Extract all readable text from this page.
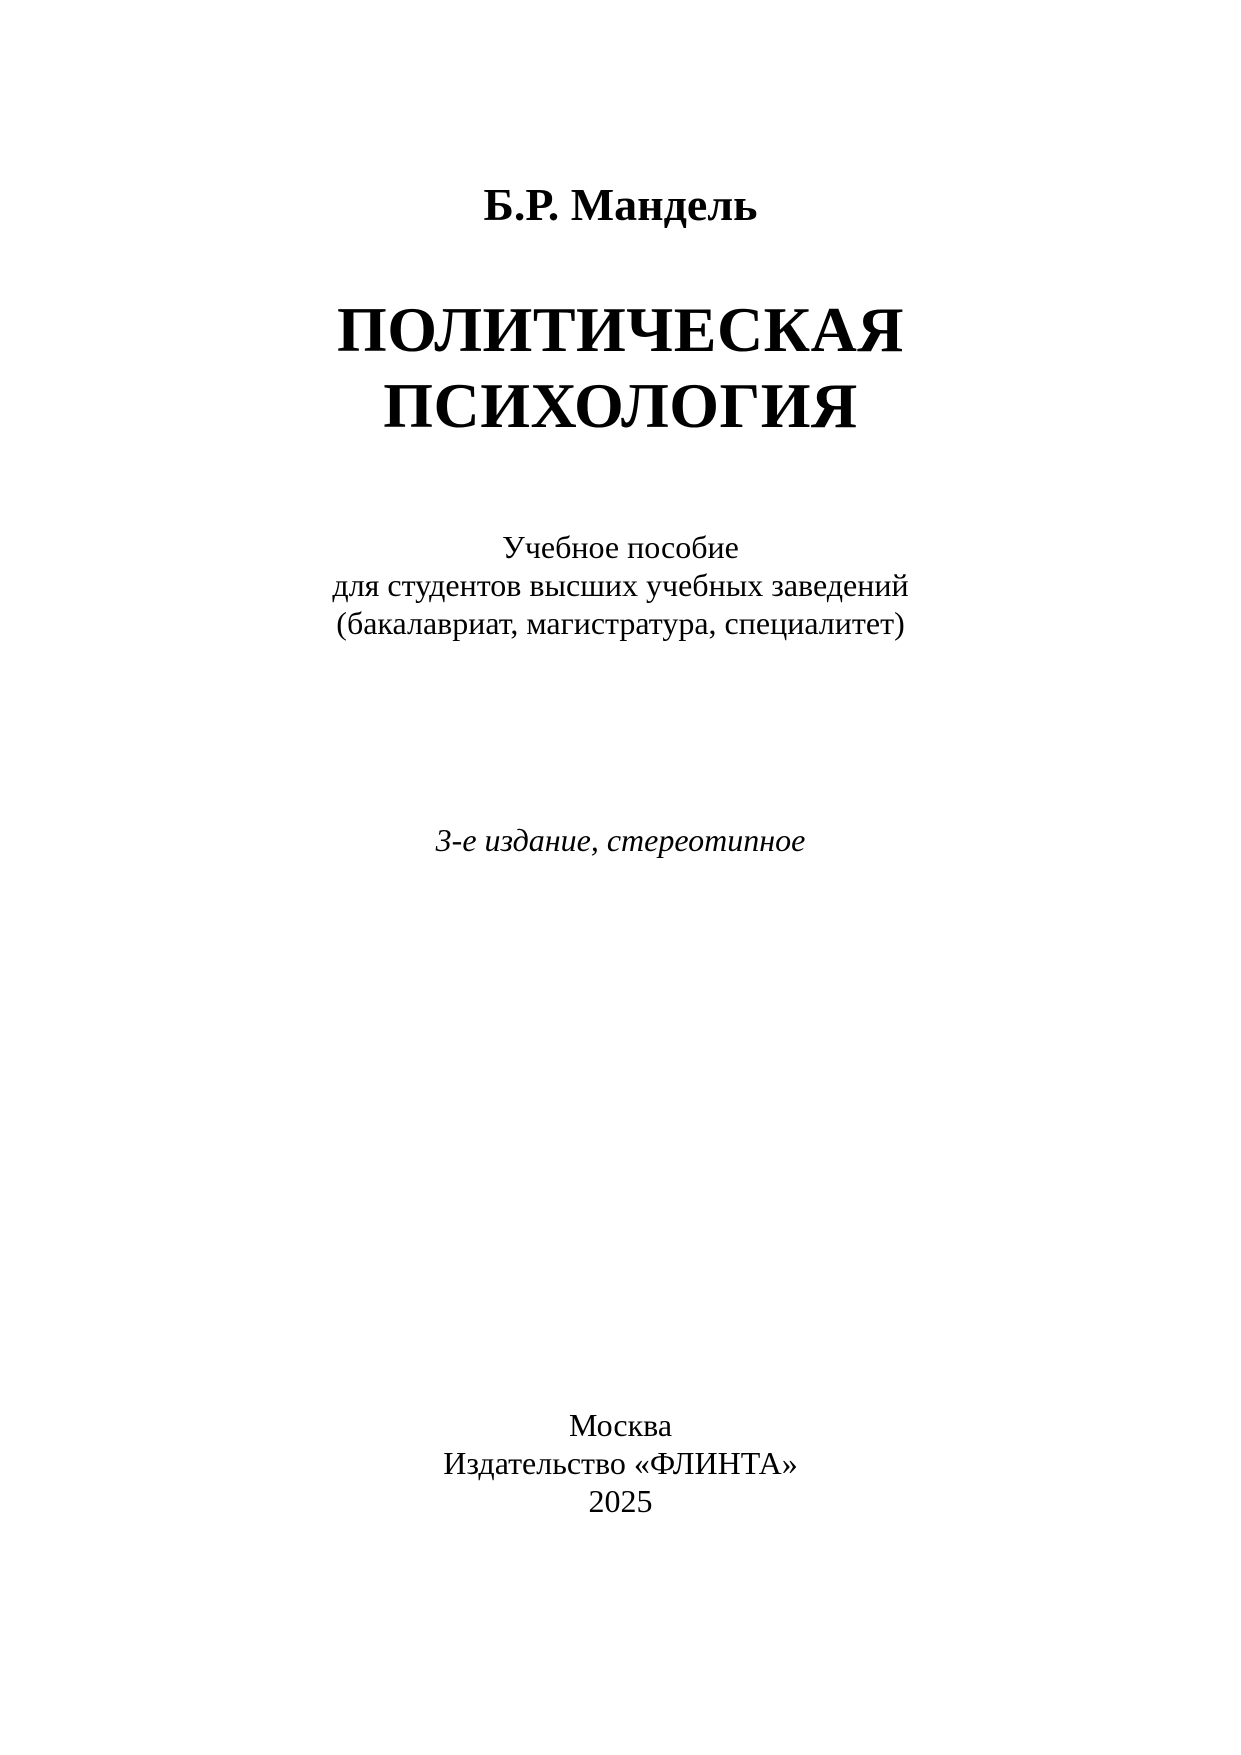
Б.Р. Мандель
ПОЛИТИЧЕСКАЯ
ПСИХОЛОГИЯ
Учебное пособие
для студентов высших учебных заведений
(бакалавриат, магистратура, специалитет)
3-е издание, стереотипное
Москва
Издательство «ФЛИНТА»
2025
